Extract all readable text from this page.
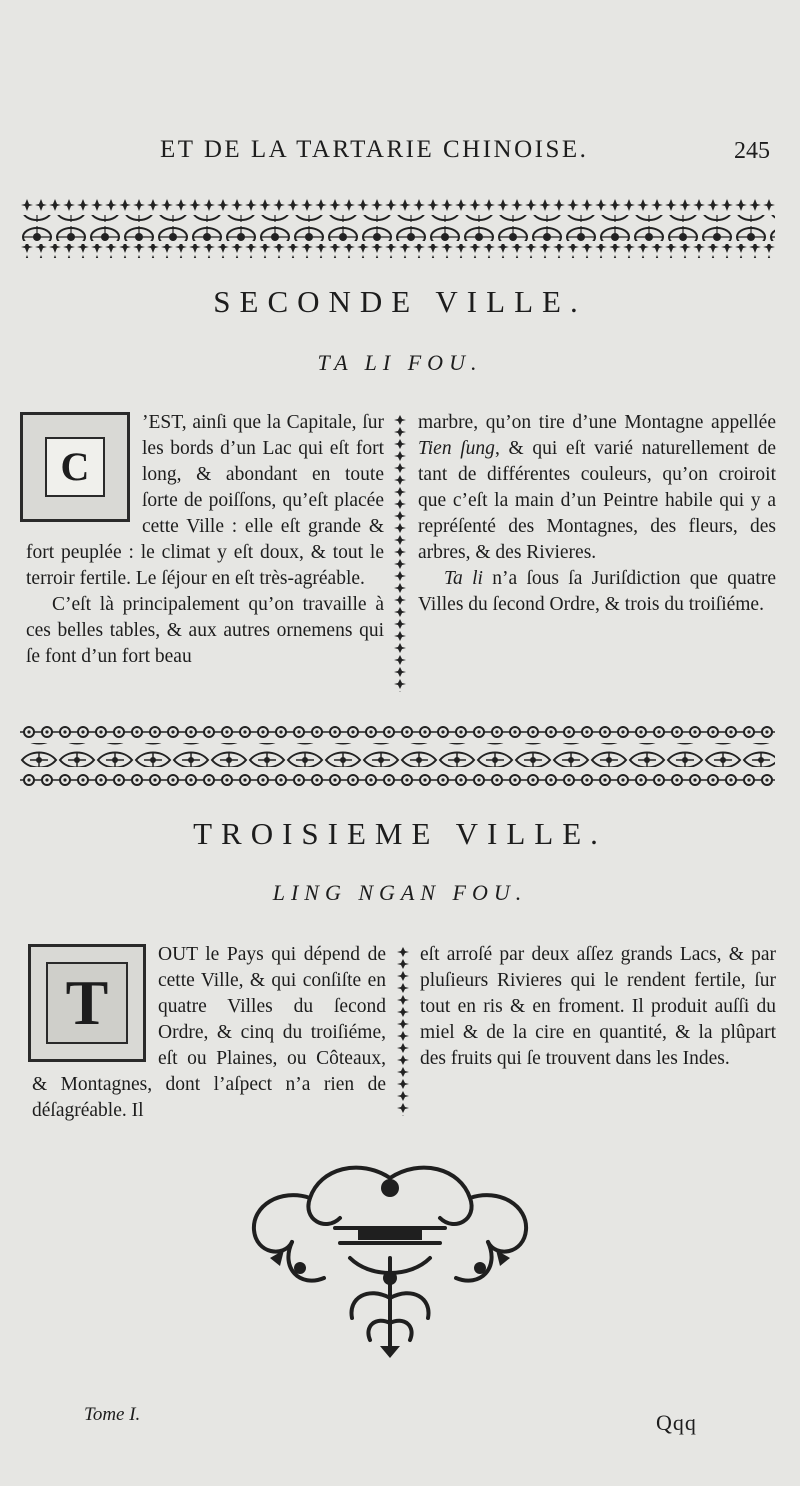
ET DE LA TARTARIE CHINOISE.	245
SECONDE VILLE.
TA LI FOU.
C

’EST, ainſi que la Capitale, ſur les bords d’un Lac qui eſt fort long, & abondant en toute ſorte de poiſſons, qu’eſt placée cette Ville : elle eſt grande & fort peuplée : le climat y eſt doux, & tout le terroir fertile. Le ſéjour en eſt très-agréable.

C’eſt là principalement qu’on travaille à ces belles tables, & aux autres ornemens qui ſe font d’un fort beau

marbre, qu’on tire d’une Montagne appellée Tien ſung, & qui eſt varié naturellement de tant de différentes couleurs, qu’on croiroit que c’eſt la main d’un Peintre habile qui y a repréſenté des Montagnes, des fleurs, des arbres, & des Rivieres.

Ta li n’a ſous ſa Juriſdiction que quatre Villes du ſecond Ordre, & trois du troiſiéme.

TROISIEME VILLE.
LING NGAN FOU.
T

OUT le Pays qui dépend de cette Ville, & qui conſiſte en quatre Villes du ſecond Ordre, & cinq du troiſiéme, eſt ou Plaines, ou Côteaux, & Montagnes, dont l’aſpect n’a rien de déſagréable. Il

eſt arroſé par deux aſſez grands Lacs, & par pluſieurs Rivieres qui le rendent fertile, ſur tout en ris & en froment. Il produit auſſi du miel & de la cire en quantité, & la plûpart des fruits qui ſe trouvent dans les Indes.

Tome I.	Qqq
